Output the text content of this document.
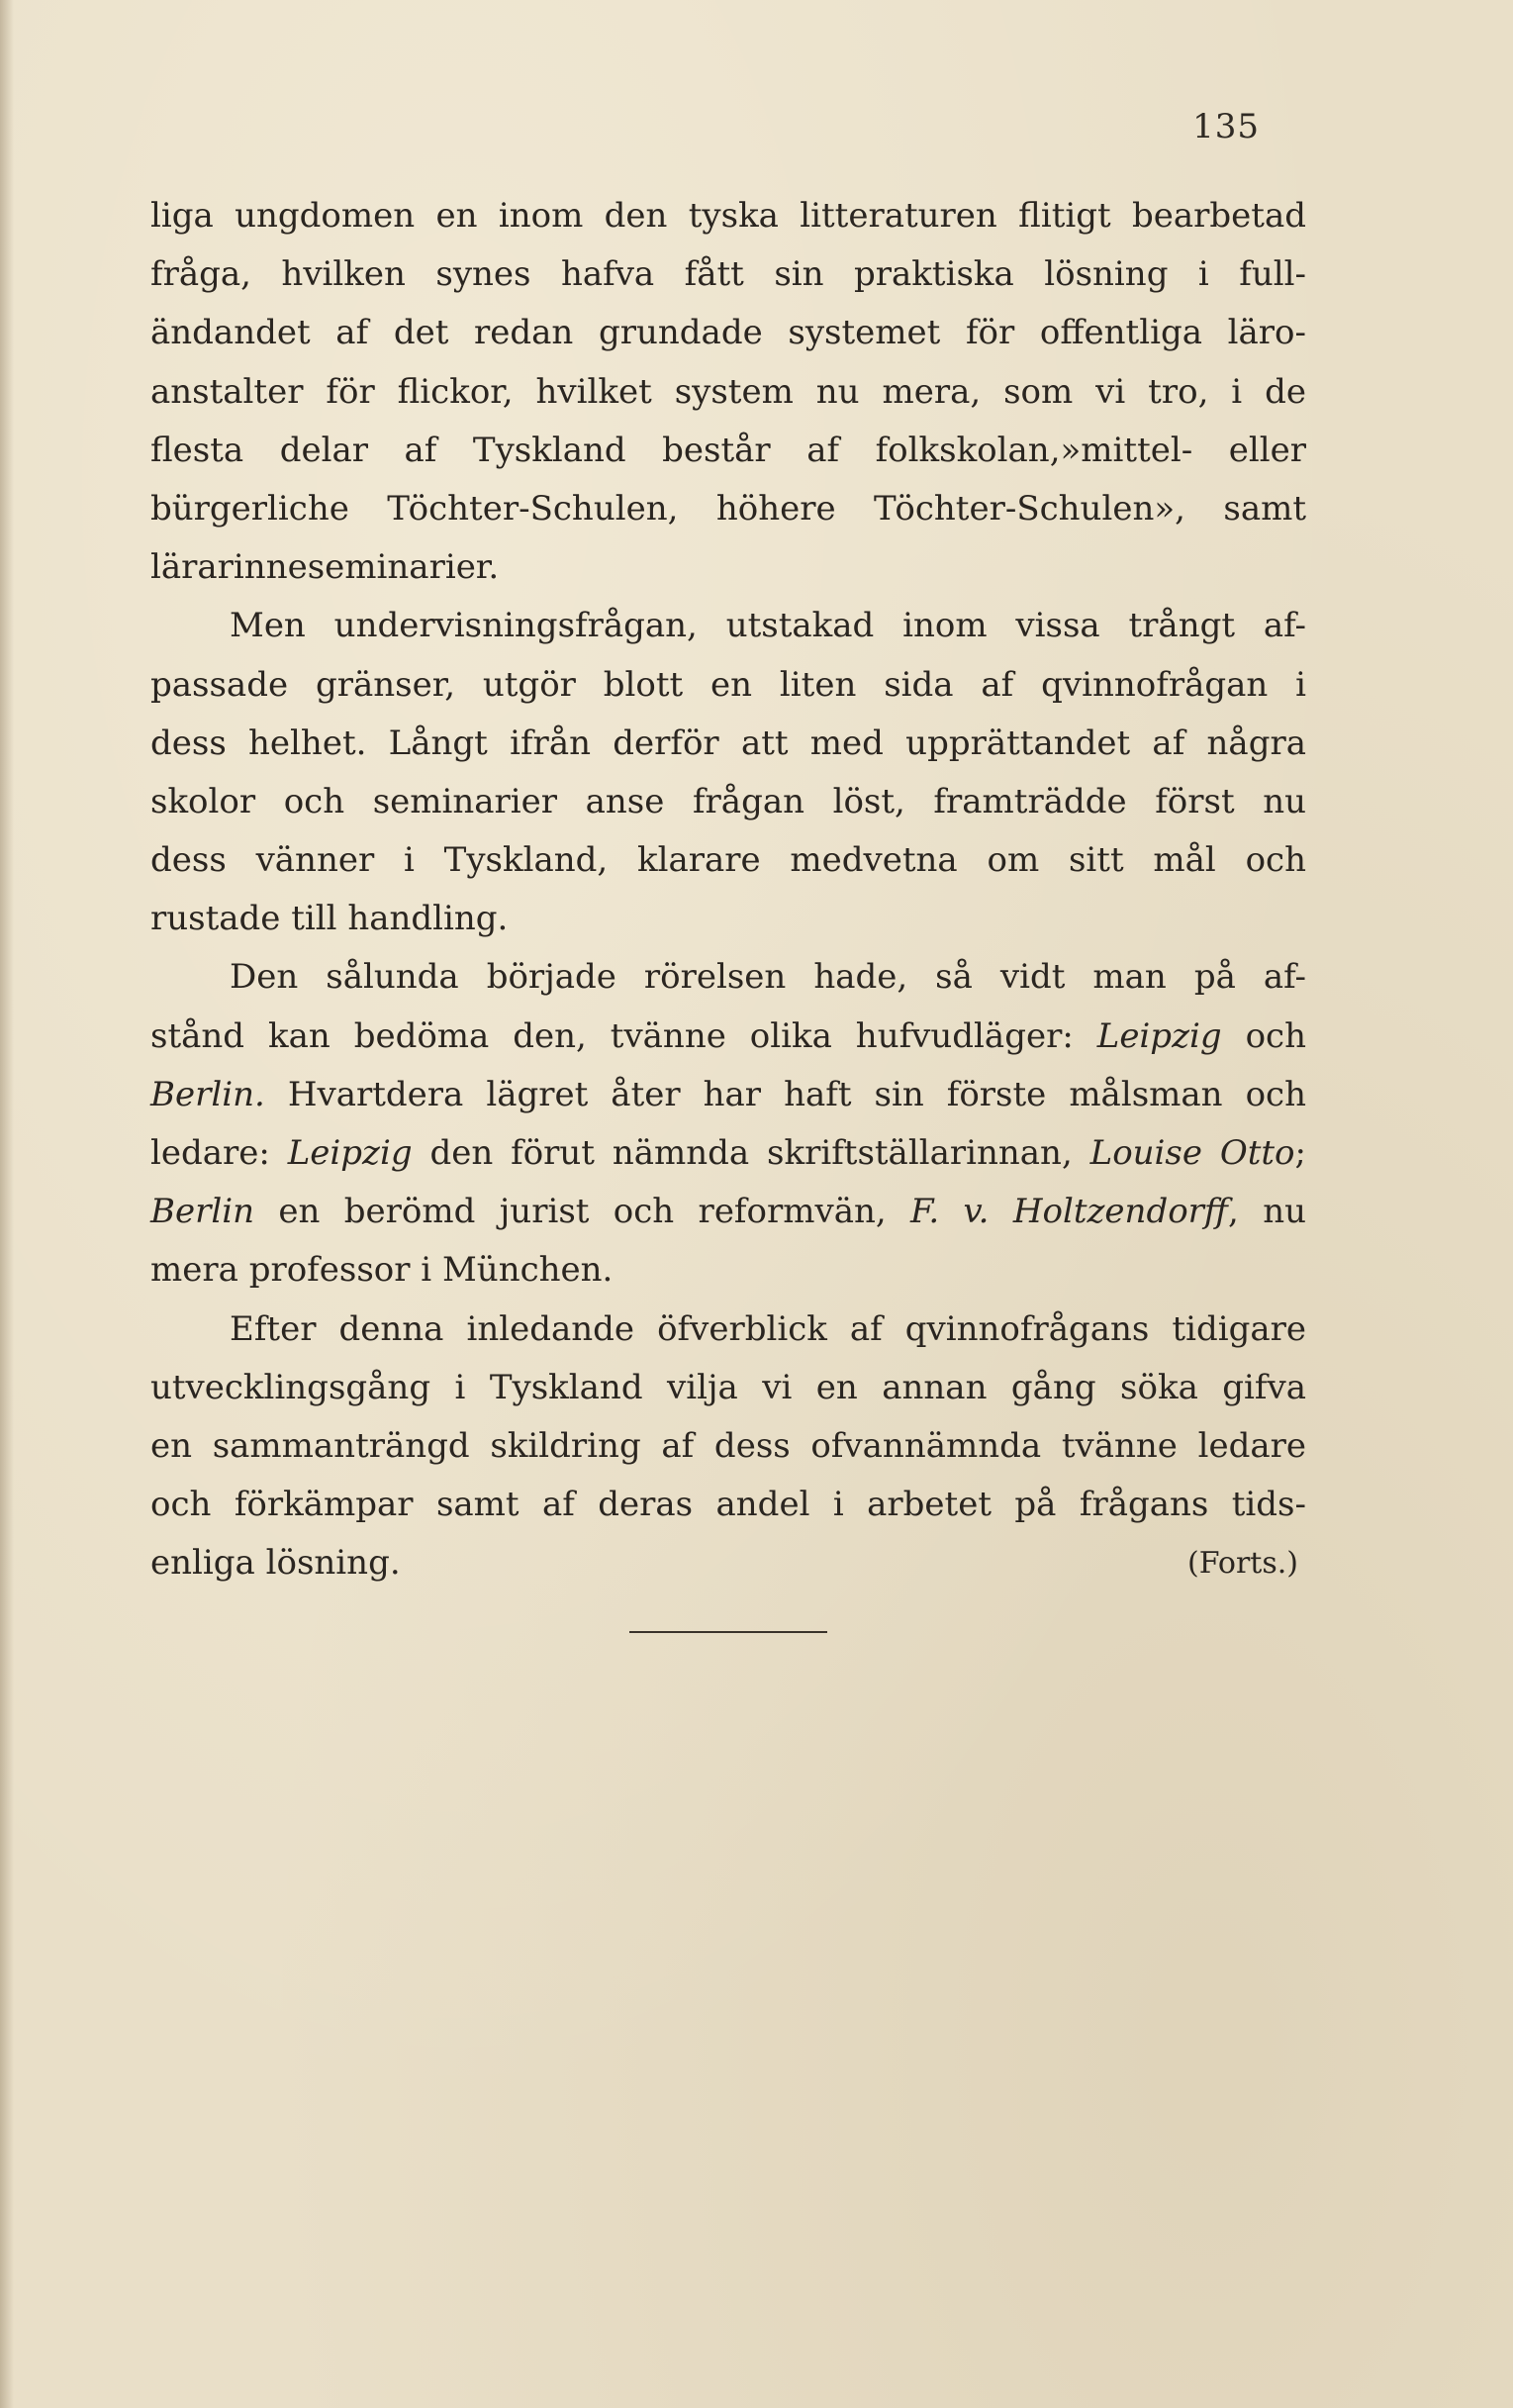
135
liga ungdomen en inom den tyska litteraturen flitigt bearbetad
fråga, hvilken synes hafva fått sin praktiska lösning i full-
ändandet af det redan grundade systemet för offentliga läro-
anstalter för flickor, hvilket system nu mera, som vi tro, i de
flesta delar af Tyskland består af folkskolan,»mittel- eller
bürgerliche Töchter-Schulen, höhere Töchter-Schulen», samt
lärarinneseminarier.
Men undervisningsfrågan, utstakad inom vissa trångt af-
passade gränser, utgör blott en liten sida af qvinnofrågan i
dess helhet. Långt ifrån derför att med upprättandet af några
skolor och seminarier anse frågan löst, framträdde först nu
dess vänner i Tyskland, klarare medvetna om sitt mål och
rustade till handling.
Den sålunda började rörelsen hade, så vidt man på af-
stånd kan bedöma den, tvänne olika hufvudläger: Leipzig och
Berlin. Hvartdera lägret åter har haft sin förste målsman och
ledare: Leipzig den förut nämnda skriftställarinnan, Louise Otto;
Berlin en berömd jurist och reformvän, F. v. Holtzendorff, nu
mera professor i München.
Efter denna inledande öfverblick af qvinnofrågans tidigare
utvecklingsgång i Tyskland vilja vi en annan gång söka gifva
en sammanträngd skildring af dess ofvannämnda tvänne ledare
och förkämpar samt af deras andel i arbetet på frågans tids-
enliga lösning.	(Forts.)
